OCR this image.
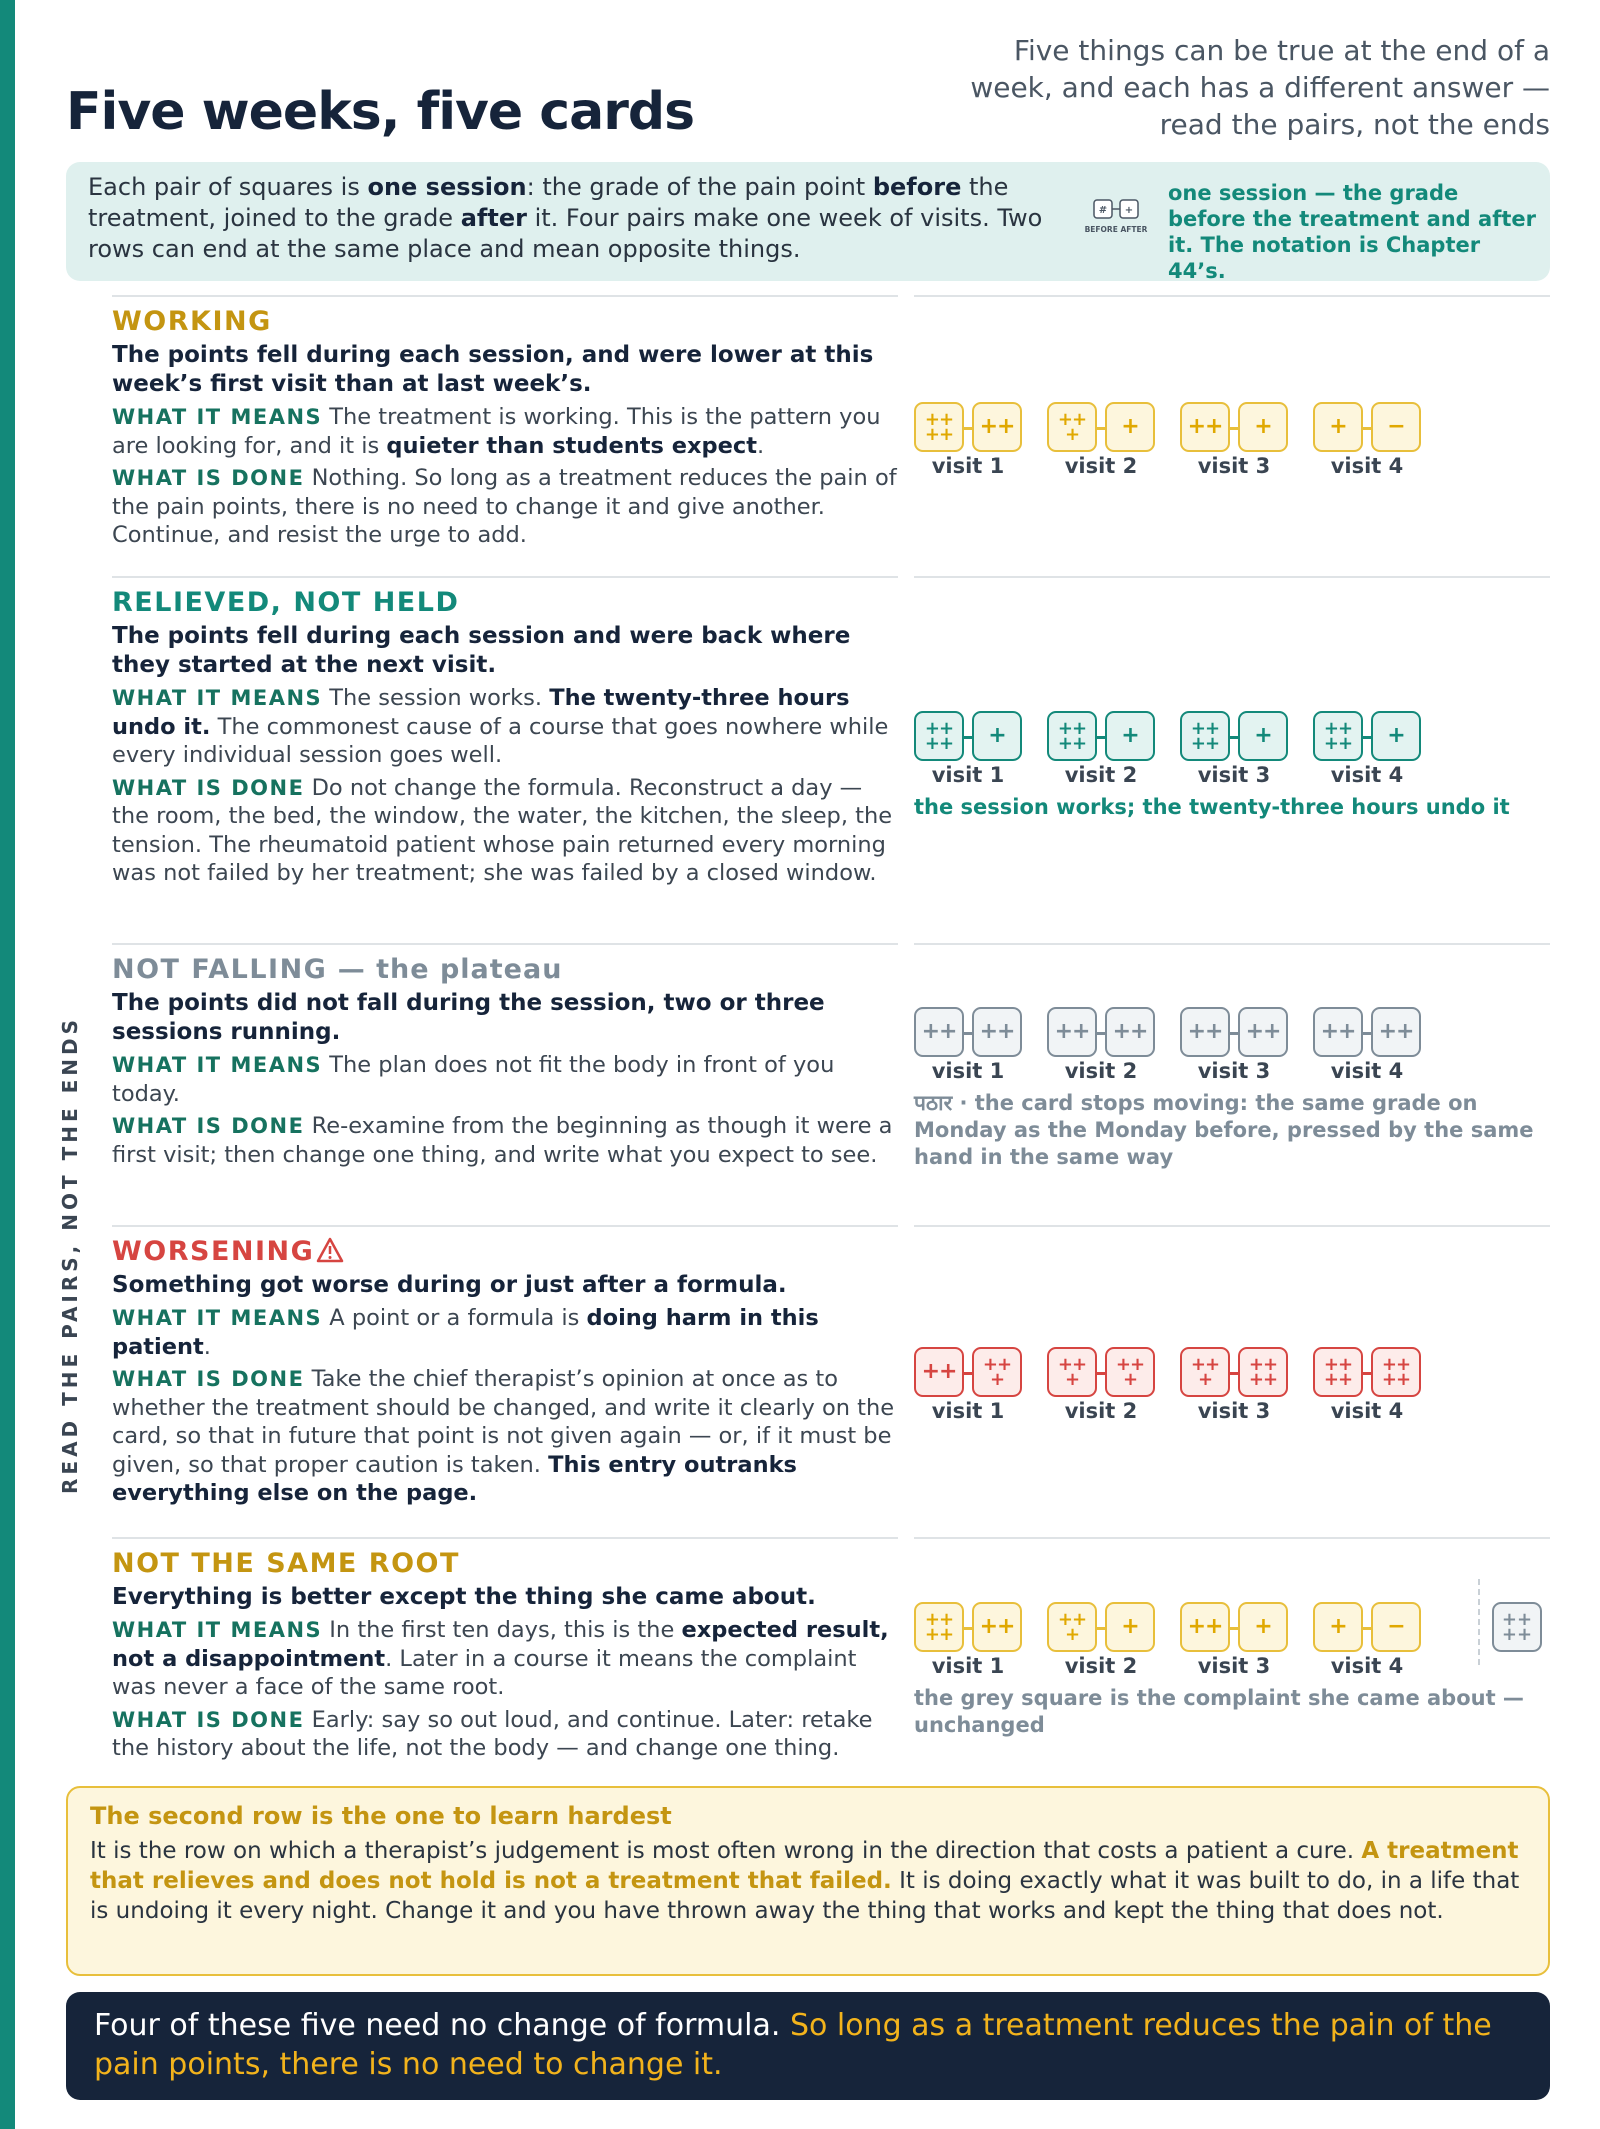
Five weeks, five cards
Five things can be true at the end of a week, and each has a different answer — read the pairs, not the ends
Each pair of squares is one session: the grade of the pain point before the treatment, joined to the grade after it. Four pairs make one week of visits. Two rows can end at the same place and mean opposite things.
# +
BEFORE AFTER
one session — the grade before the treatment and after it. The notation is Chapter 44’s.
READ THE PAIRS, NOT THE ENDS
WORKING
The points fell during each session, and were lower at this week’s first visit than at last week’s.

WHAT IT MEANS The treatment is working. This is the pattern you are looking for, and it is quieter than students expect.

WHAT IS DONE Nothing. So long as a treatment reduces the pain of the pain points, there is no need to change it and give another. Continue, and resist the urge to add.

++
++ ++
visit 1
++
+	+
visit 2
++ +
visit 3
+ −
visit 4
RELIEVED, NOT HELD
The points fell during each session and were back where they started at the next visit.

WHAT IT MEANS The session works. The twenty-three hours undo it. The commonest cause of a course that goes nowhere while every individual session goes well.

WHAT IS DONE Do not change the formula. Reconstruct a day — the room, the bed, the window, the water, the kitchen, the sleep, the tension. The rheumatoid patient whose pain returned every morning was not failed by her treatment; she was failed by a closed window.

++
++ +
visit 1
++
++ +
visit 2
++
++ +
visit 3
++
++ +
visit 4
the session works; the twenty-three hours undo it
NOT FALLING — the plateau
The points did not fall during the session, two or three sessions running.

WHAT IT MEANS The plan does not fit the body in front of you today.

WHAT IS DONE Re-examine from the beginning as though it were a first visit; then change one thing, and write what you expect to see.

++ ++
visit 1
++ ++
visit 2
++ ++
visit 3
++ ++
visit 4
पठार · the card stops moving: the same grade on Monday as the Monday before, pressed by the same hand in the same way
WORSENING
Something got worse during or just after a formula.

WHAT IT MEANS A point or a formula is doing harm in this patient.

WHAT IS DONE Take the chief therapist’s opinion at once as to whether the treatment should be changed, and write it clearly on the card, so that in future that point is not given again — or, if it must be given, so that proper caution is taken. This entry outranks everything else on the page.

++ ++
+
visit 1
++
+
++
+
visit 2
++
+
++
++
visit 3
++
++
++
++
visit 4
NOT THE SAME ROOT
Everything is better except the thing she came about.

WHAT IT MEANS In the first ten days, this is the expected result, not a disappointment. Later in a course it means the complaint was never a face of the same root.

WHAT IS DONE Early: say so out loud, and continue. Later: retake the history about the life, not the body — and change one thing.

++
++ ++
visit 1
++
+	+
visit 2
++ +
visit 3
+ −
visit 4
++
++
the grey square is the complaint she came about — unchanged
The second row is the one to learn hardest

It is the row on which a therapist’s judgement is most often wrong in the direction that costs a patient a cure. A treatment that relieves and does not hold is not a treatment that failed. It is doing exactly what it was built to do, in a life that is undoing it every night. Change it and you have thrown away the thing that works and kept the thing that does not.

Four of these five need no change of formula. So long as a treatment reduces the pain of the pain points, there is no need to change it.
